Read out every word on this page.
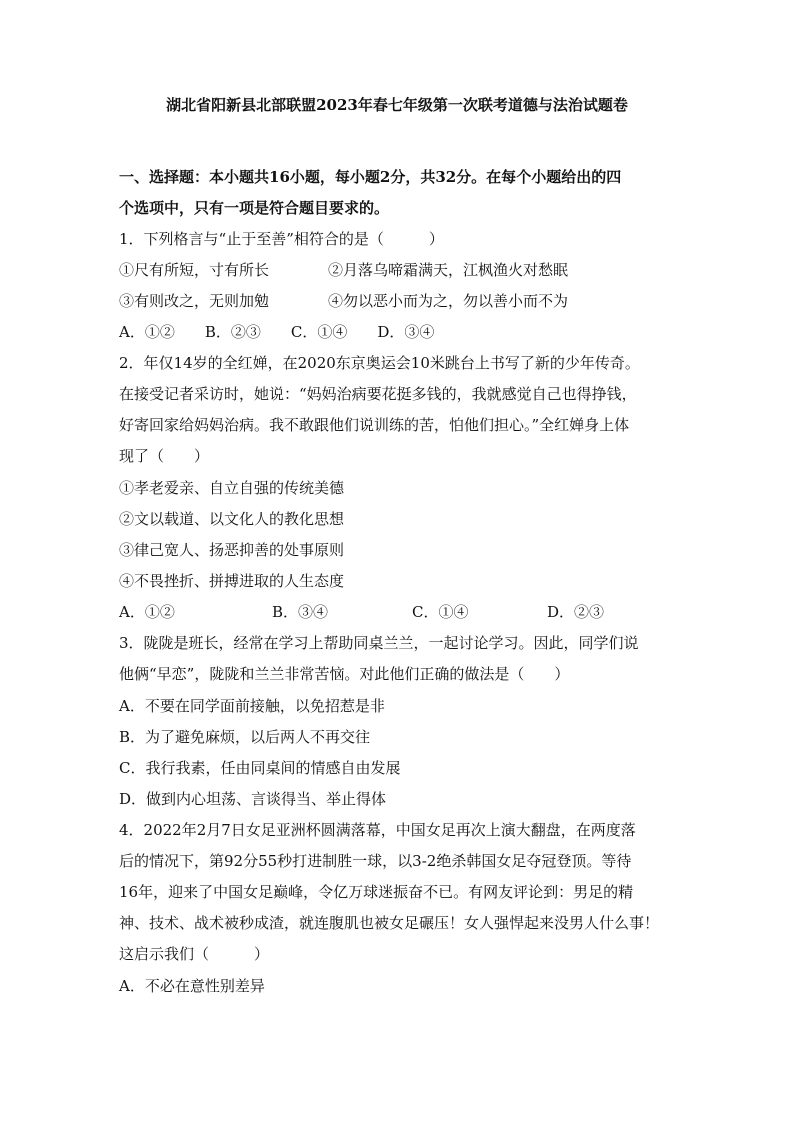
湖北省阳新县北部联盟2023年春七年级第一次联考道德与法治试题卷
一、选择题：本小题共16小题，每小题2分，共32分。在每个小题给出的四
个选项中，只有一项是符合题目要求的。
1．下列格言与“止于至善”相符合的是（　　　）
①尺有所短，寸有所长	②月落乌啼霜满天，江枫渔火对愁眠
③有则改之，无则加勉	④勿以恶小而为之，勿以善小而不为
A．①②　　B．②③　　C．①④　　D．③④
2．年仅14岁的全红婵，在2020东京奥运会10米跳台上书写了新的少年传奇。
在接受记者采访时，她说：“妈妈治病要花挺多钱的，我就感觉自己也得挣钱，
好寄回家给妈妈治病。我不敢跟他们说训练的苦，怕他们担心。”全红婵身上体
现了（　　）
①孝老爱亲、自立自强的传统美德
②文以载道、以文化人的教化思想
③律己宽人、扬恶抑善的处事原则
④不畏挫折、拼搏进取的人生态度
A．①②	B．③④	C．①④	D．②③
3．陇陇是班长，经常在学习上帮助同桌兰兰，一起讨论学习。因此，同学们说
他俩“早恋”，陇陇和兰兰非常苦恼。对此他们正确的做法是（　　）
A．不要在同学面前接触，以免招惹是非
B．为了避免麻烦，以后两人不再交往
C．我行我素，任由同桌间的情感自由发展
D．做到内心坦荡、言谈得当、举止得体
4．2022年2月7日女足亚洲杯圆满落幕，中国女足再次上演大翻盘，在两度落
后的情况下，第92分55秒打进制胜一球，以3-2绝杀韩国女足夺冠登顶。等待
16年，迎来了中国女足巅峰，令亿万球迷振奋不已。有网友评论到：男足的精
神、技术、战术被秒成渣，就连腹肌也被女足碾压！女人强悍起来没男人什么事！
这启示我们（　　　）
A．不必在意性别差异
